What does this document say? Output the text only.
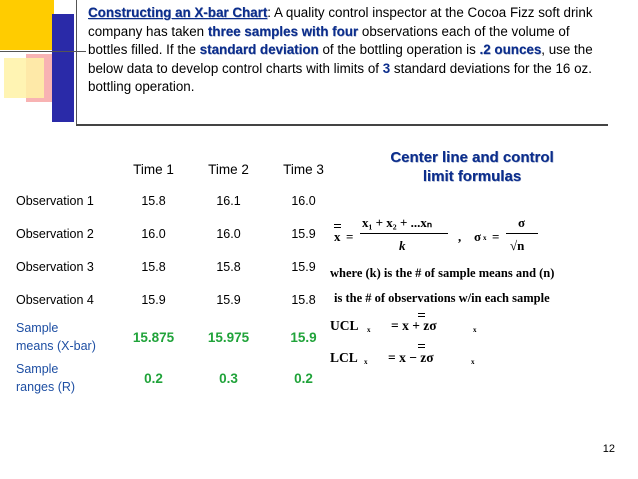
Constructing an X-bar Chart: A quality control inspector at the Cocoa Fizz soft drink company has taken three samples with four observations each of the volume of bottles filled. If the standard deviation of the bottling operation is .2 ounces, use the below data to develop control charts with limits of 3 standard deviations for the 16 oz. bottling operation.
	Time 1	Time 2	Time 3
Observation 1	15.8	16.1	16.0
Observation 2	16.0	16.0	15.9
Observation 3	15.8	15.8	15.9
Observation 4	15.9	15.9	15.8

Sample
means (X-bar)	15.875	15.975	15.9

Sample
ranges (R)	0.2	0.3	0.2
Center line and control
limit formulas
x =
x₁ + x₂ + ...xₙ
k
, σ x =
σ
√n
where (k) is the # of sample means and (n)
is the # of observations w/in each sample
UCL x = x + zσ	x
LCL x = x − zσ	x
12
